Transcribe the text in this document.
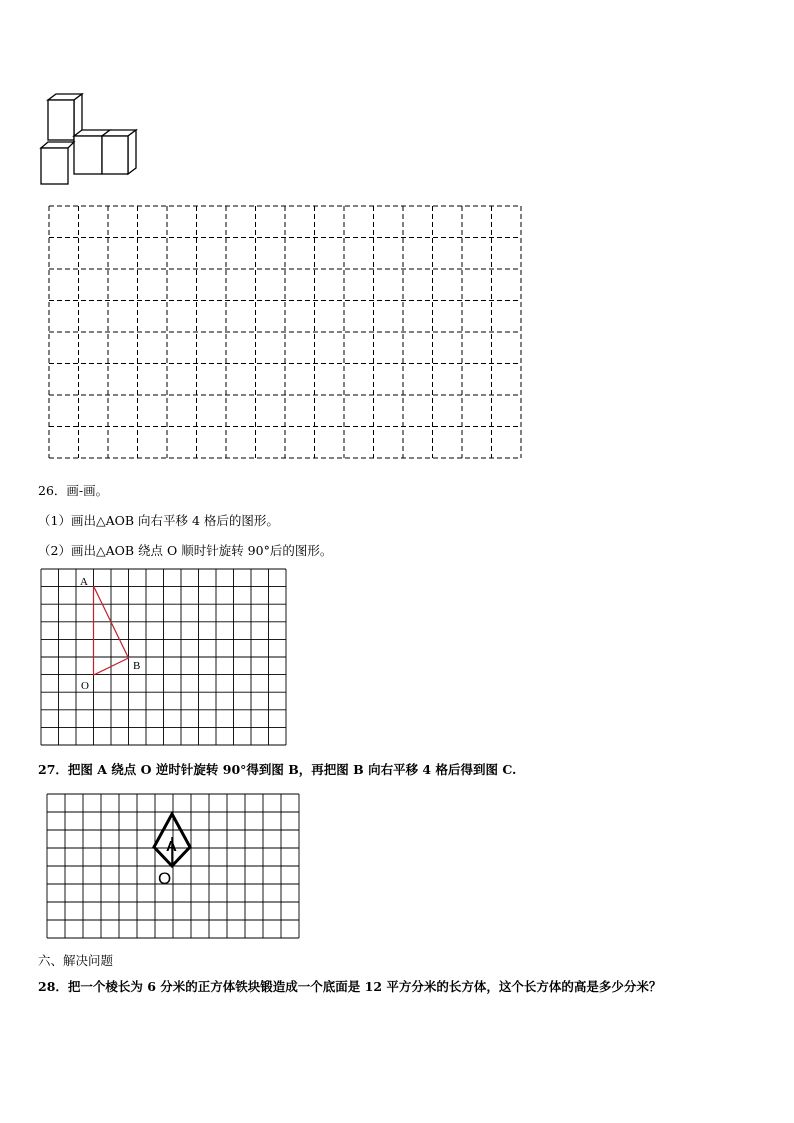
26．画-画。
（1）画出△AOB 向右平移 4 格后的图形。
（2）画出△AOB 绕点 O 顺时针旋转 90°后的图形。
A
B
O
27．把图 A 绕点 O 逆时针旋转 90°得到图 B，再把图 B 向右平移 4 格后得到图 C.
A
O
六、解决问题
28．把一个棱长为 6 分米的正方体铁块锻造成一个底面是 12 平方分米的长方体，这个长方体的高是多少分米？
